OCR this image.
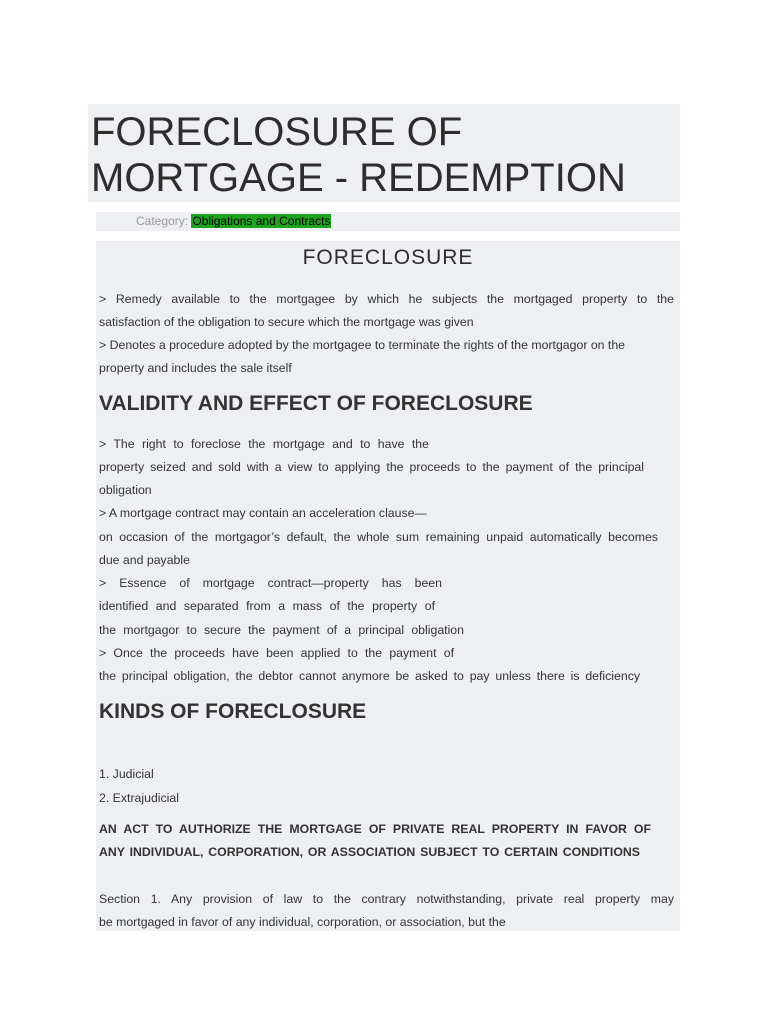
FORECLOSURE OF
MORTGAGE - REDEMPTION
Category: Obligations and Contracts
FORECLOSURE
> Remedy available to the mortgagee by which he subjects the mortgaged property to the
satisfaction of the obligation to secure which the mortgage was given
> Denotes a procedure adopted by the mortgagee to terminate the rights of the mortgagor on the
property and includes the sale itself
VALIDITY AND EFFECT OF FORECLOSURE
> The right to foreclose the mortgage and to have the
property seized and sold with a view to applying the proceeds to the payment of the principal
obligation
> A mortgage contract may contain an acceleration clause—
on occasion of the mortgagor’s default, the whole sum remaining unpaid automatically becomes
due and payable
> Essence of mortgage contract—property has been
identified and separated from a mass of the property of
the mortgagor to secure the payment of a principal obligation
> Once the proceeds have been applied to the payment of
the principal obligation, the debtor cannot anymore be asked to pay unless there is deficiency
KINDS OF FORECLOSURE
1. Judicial
2. Extrajudicial
AN ACT TO AUTHORIZE THE MORTGAGE OF PRIVATE REAL PROPERTY IN FAVOR OF
ANY INDIVIDUAL, CORPORATION, OR ASSOCIATION SUBJECT TO CERTAIN CONDITIONS
Section 1. Any provision of law to the contrary notwithstanding, private real property may
be mortgaged in favor of any individual, corporation, or association, but the
